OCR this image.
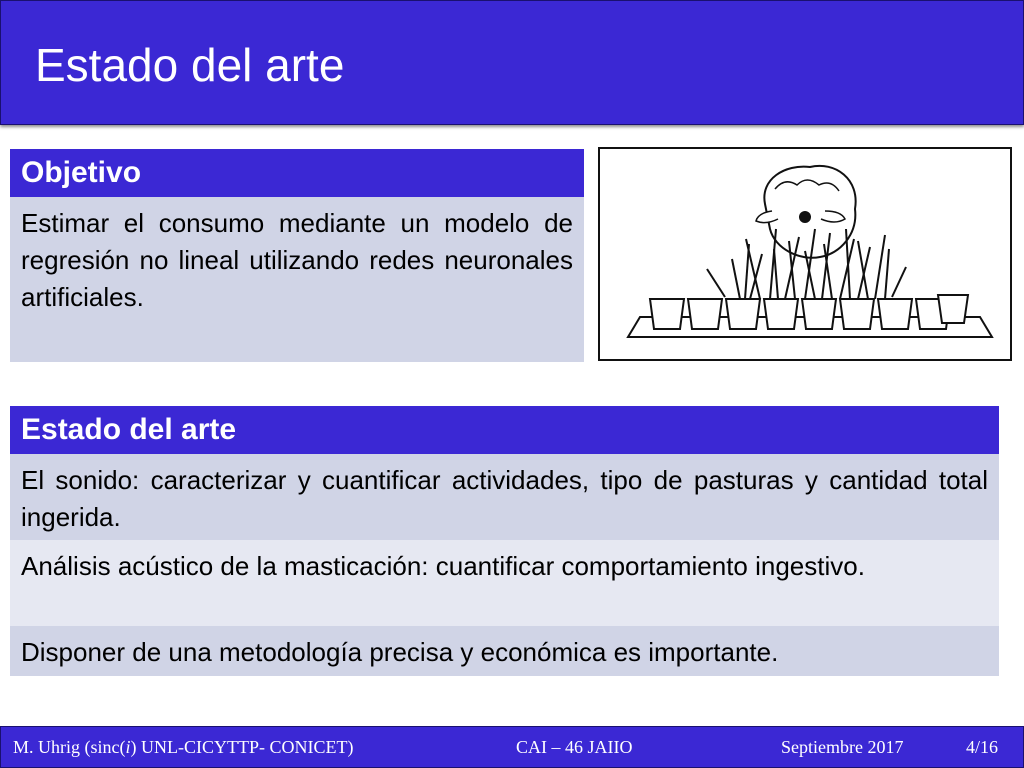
Estado del arte
Objetivo
Estimar el consumo mediante un modelo de regresión no lineal utilizando redes neuronales artificiales.
Estado del arte
El sonido: caracterizar y cuantificar actividades, tipo de pasturas y cantidad total ingerida.
Análisis acústico de la masticación: cuantificar comportamiento ingestivo.
Disponer de una metodología precisa y económica es importante.
M. Uhrig (sinc(i) UNL-CICYTTP- CONICET)	CAI – 46 JAIIO	Septiembre 2017	4/16
